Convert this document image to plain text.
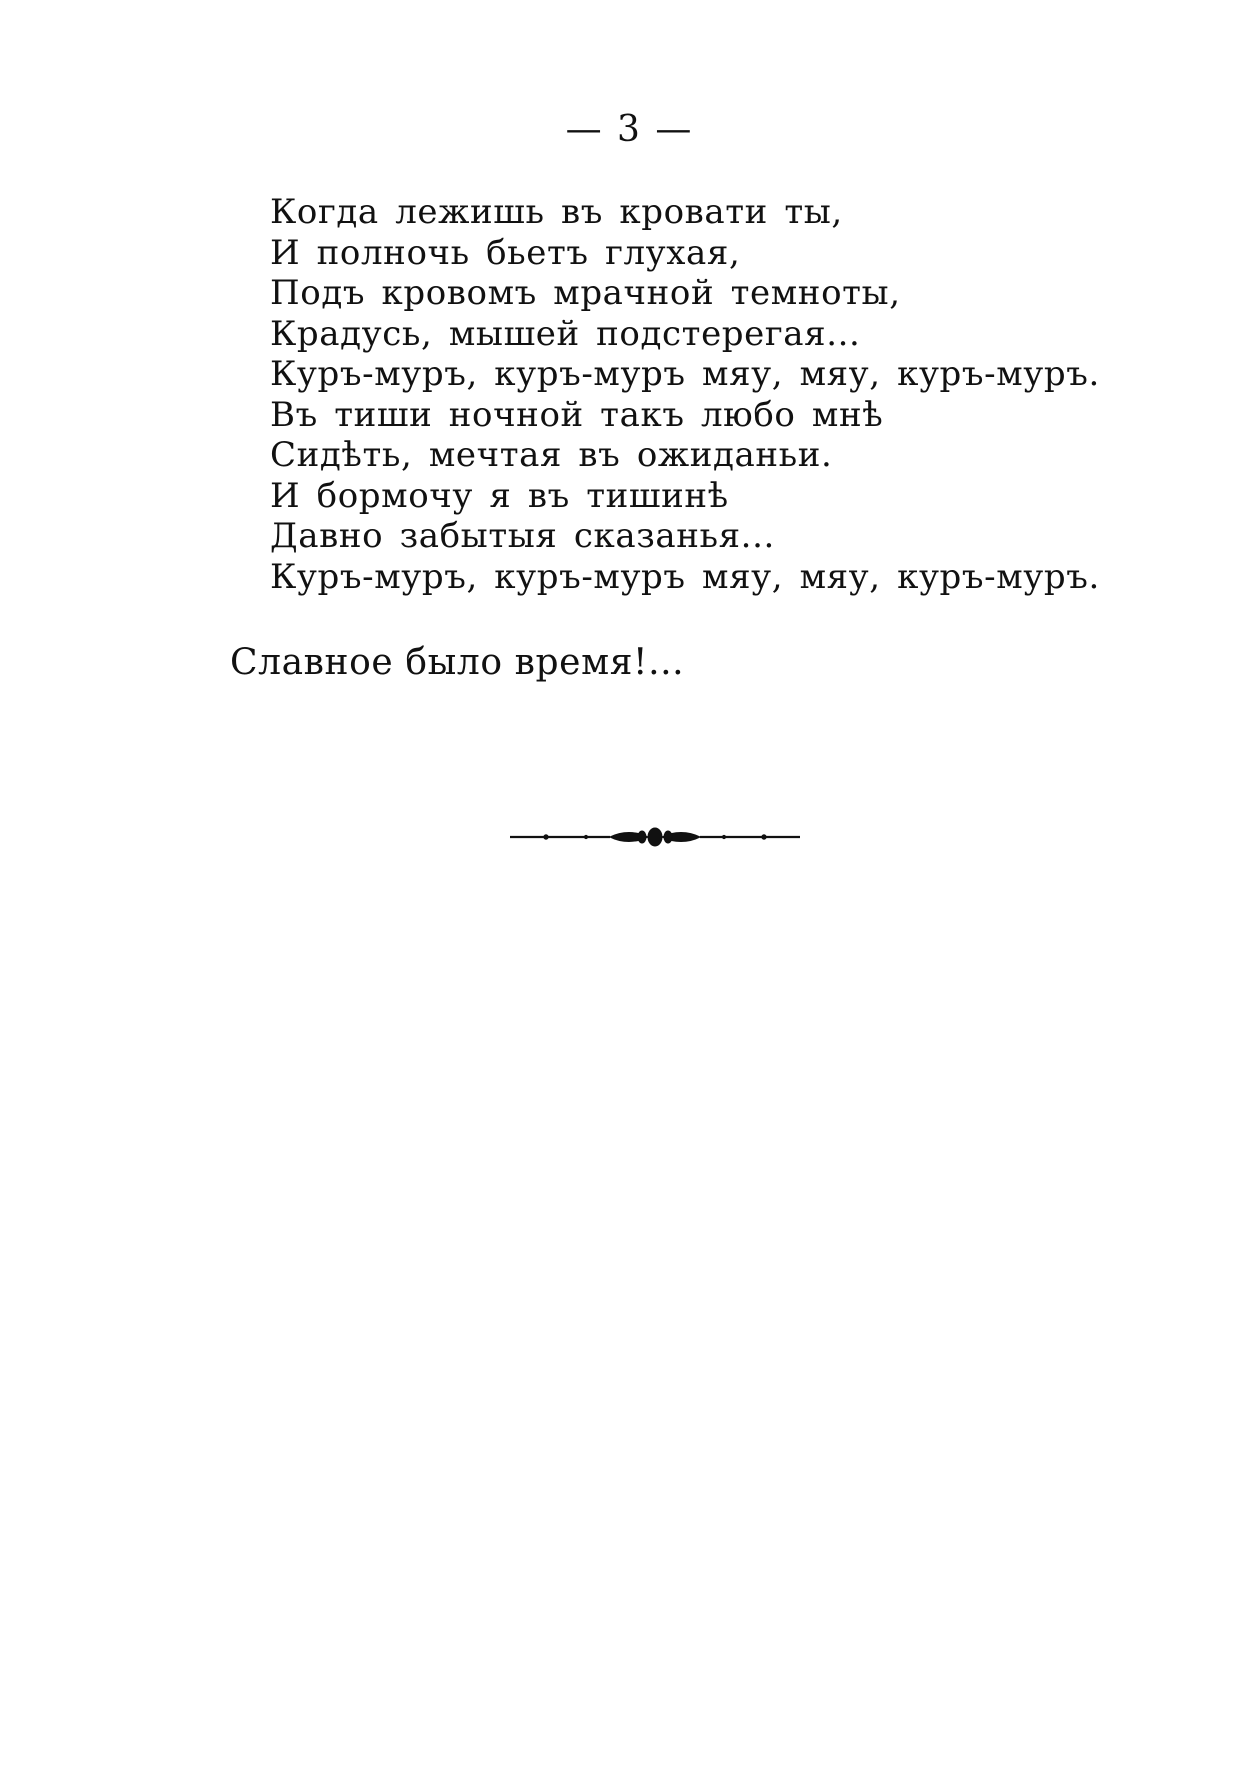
— 3 —
Когда лежишь въ кровати ты,
И полночь бьетъ глухая,
Подъ кровомъ мрачной темноты,
Крадусь, мышей подстерегая...
Куръ-муръ, куръ-муръ мяу, мяу, куръ-муръ.
Въ тиши ночной такъ любо мнѣ
Сидѣть, мечтая въ ожиданьи.
И бормочу я въ тишинѣ
Давно забытыя сказанья...
Куръ-муръ, куръ-муръ мяу, мяу, куръ-муръ.
Славное было время!...
